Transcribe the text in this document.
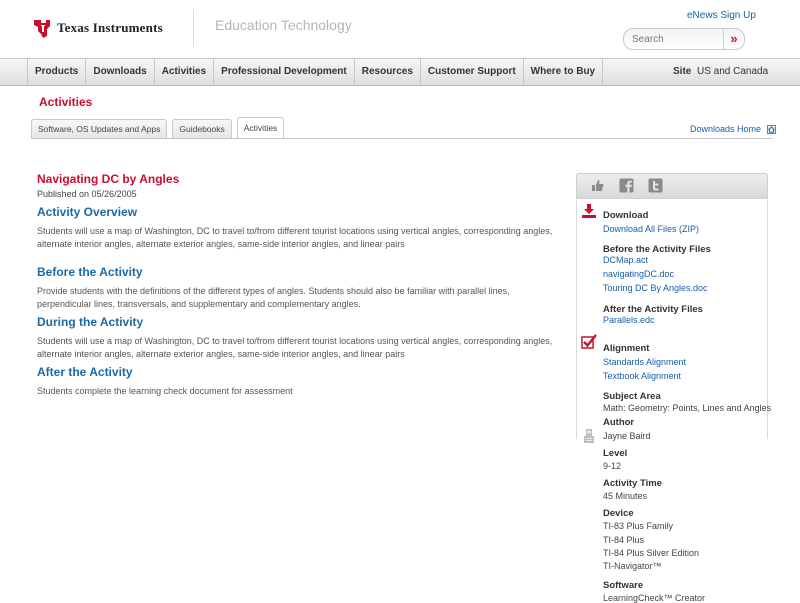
Texas Instruments	Education Technology
eNews Sign Up
Search
»
Products	Downloads	Activities	Professional Development	Resources	Customer Support	Where to Buy	Site US and Canada
Activities
Software, OS Updates and Apps	Guidebooks	Activities	Downloads Home
Navigating DC by Angles
Published on 05/26/2005
Activity Overview

Students will use a map of Washington, DC to travel to/from different tourist locations using vertical angles, corresponding angles, alternate interior angles, alternate exterior angles, same-side interior angles, and linear pairs

Before the Activity

Provide students with the definitions of the different types of angles. Students should also be familiar with parallel lines, perpendicular lines, transversals, and supplementary and complementary angles.

During the Activity

Students will use a map of Washington, DC to travel to/from different tourist locations using vertical angles, corresponding angles, alternate interior angles, alternate exterior angles, same-side interior angles, and linear pairs

After the Activity

Students complete the learning check document for assessment

Download
Download All Files (ZIP)
Before the Activity Files
DCMap.act
navigatingDC.doc
Touring DC By Angles.doc
After the Activity Files
Parallels.edc
Alignment
Standards Alignment
Textbook Alignment
Subject Area
Math: Geometry: Points, Lines and Angles
Author
Jayne Baird
Level
9-12
Activity Time
45 Minutes
Device
TI-83 Plus Family
TI-84 Plus
TI-84 Plus Silver Edition
TI-Navigator™
Software
LearningCheck™ Creator
